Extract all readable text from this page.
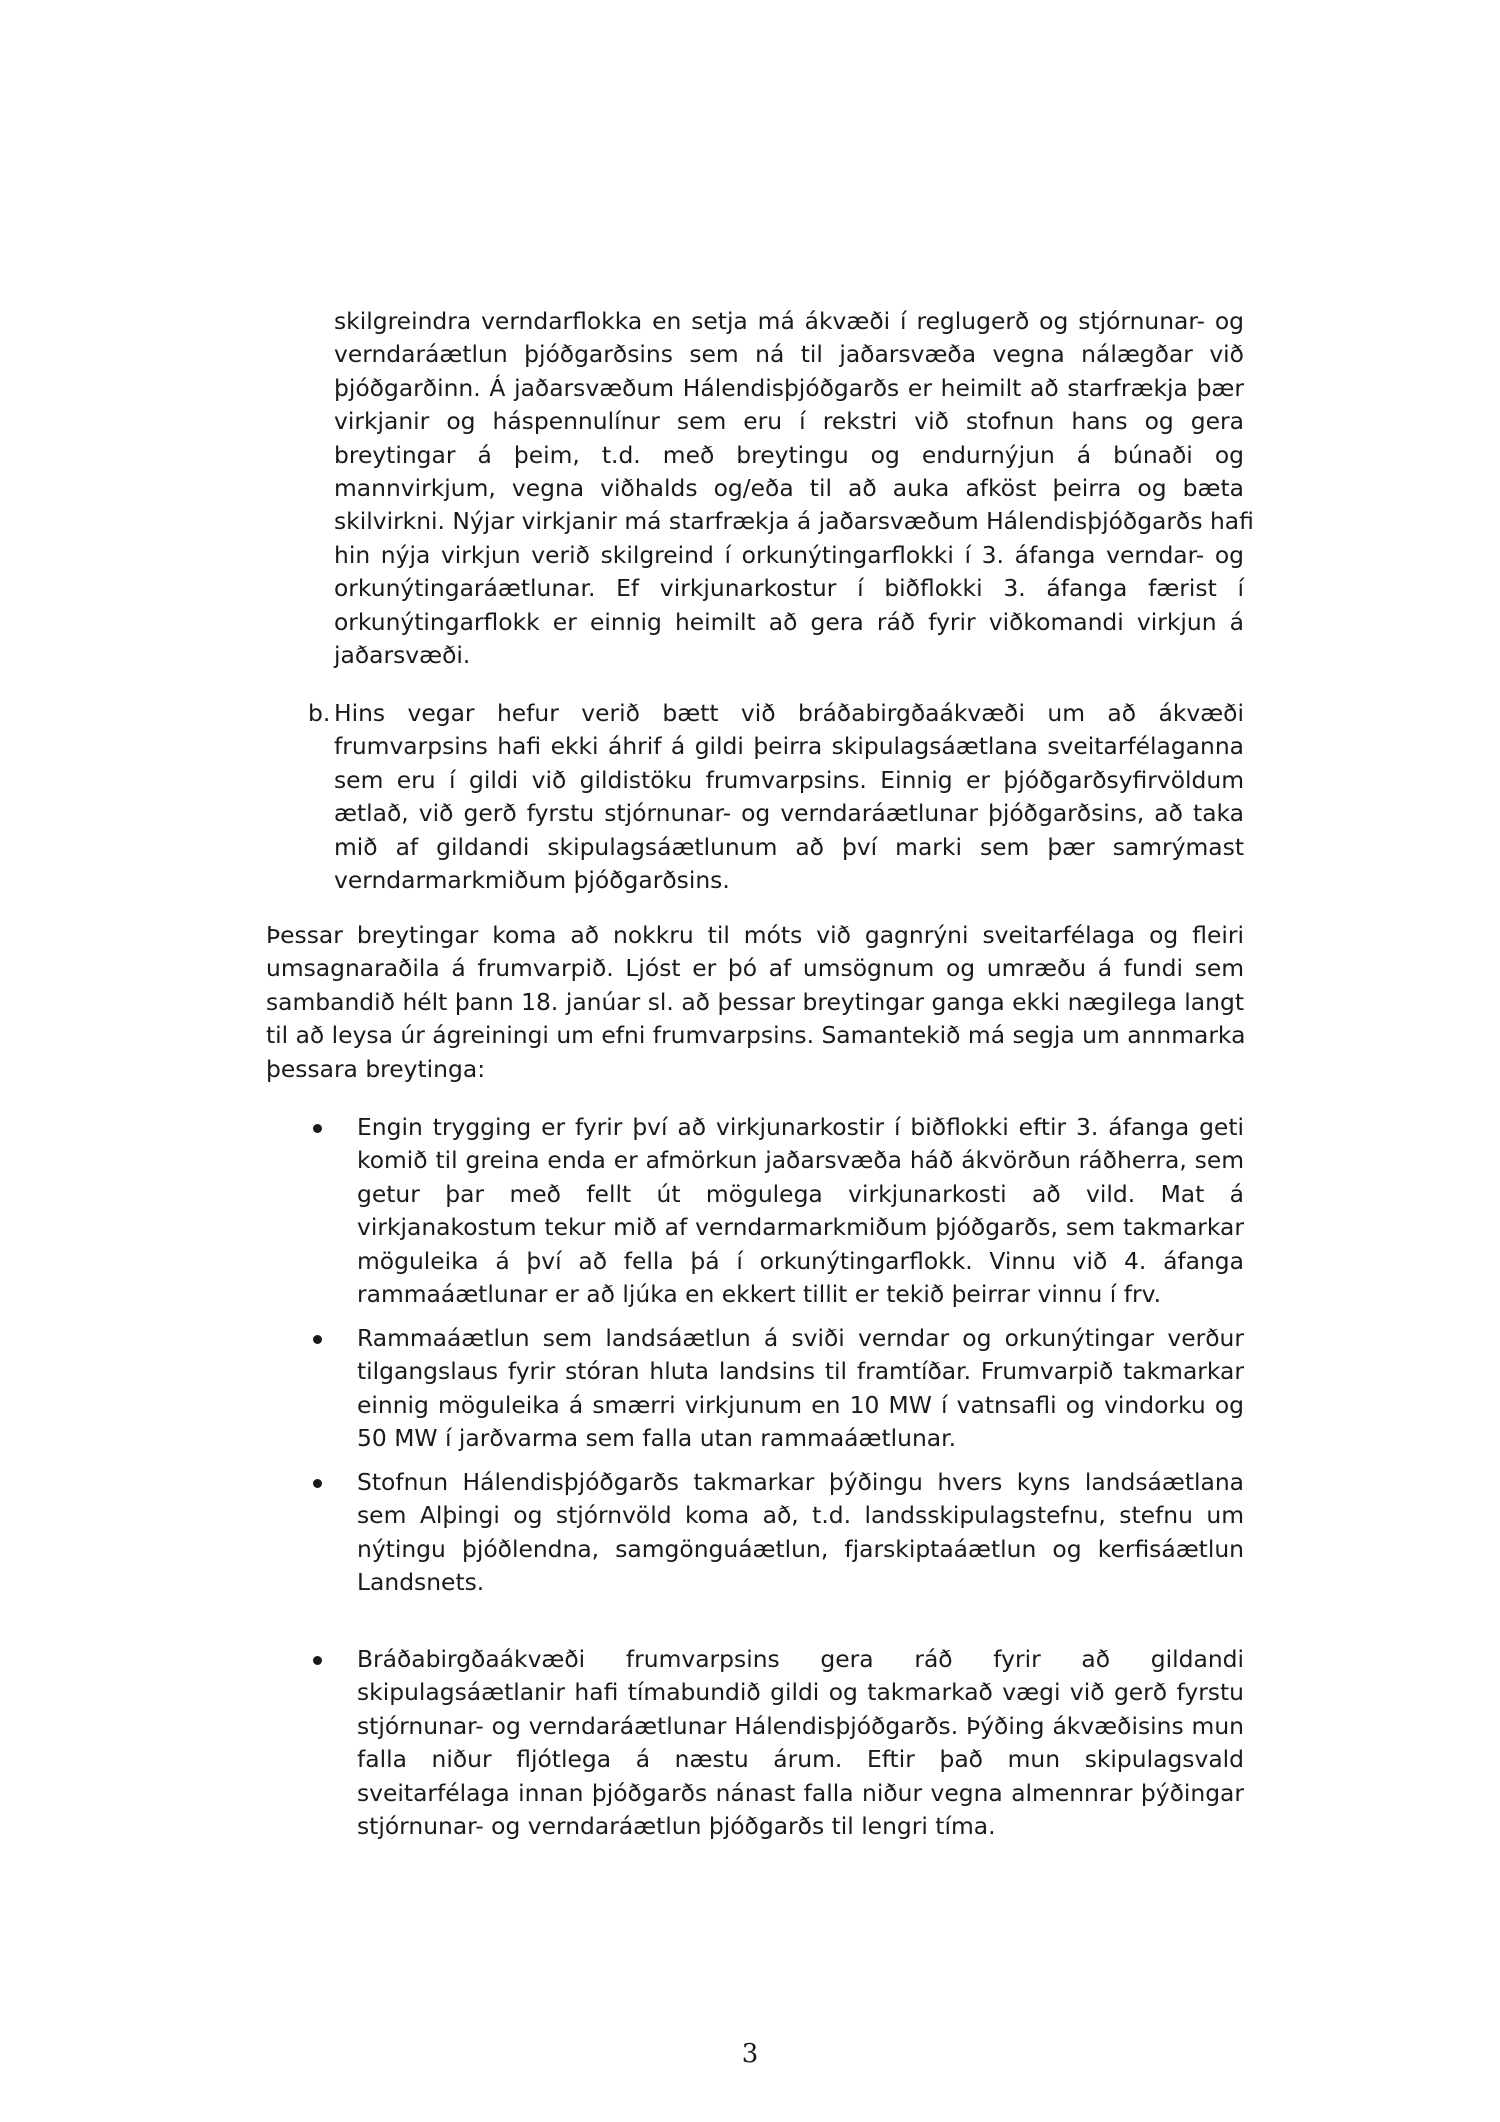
skilgreindra verndarflokka en setja má ákvæði í reglugerð og stjórnunar- og
verndaráætlun þjóðgarðsins sem ná til jaðarsvæða vegna nálægðar við
þjóðgarðinn. Á jaðarsvæðum Hálendisþjóðgarðs er heimilt að starfrækja þær
virkjanir og háspennulínur sem eru í rekstri við stofnun hans og gera
breytingar á þeim, t.d. með breytingu og endurnýjun á búnaði og
mannvirkjum, vegna viðhalds og/eða til að auka afköst þeirra og bæta
skilvirkni. Nýjar virkjanir má starfrækja á jaðarsvæðum Hálendisþjóðgarðs hafi
hin nýja virkjun verið skilgreind í orkunýtingarflokki í 3. áfanga verndar- og
orkunýtingaráætlunar. Ef virkjunarkostur í biðflokki 3. áfanga færist í
orkunýtingarflokk er einnig heimilt að gera ráð fyrir viðkomandi virkjun á
jaðarsvæði.
b. Hins vegar hefur verið bætt við bráðabirgðaákvæði um að ákvæði
frumvarpsins hafi ekki áhrif á gildi þeirra skipulagsáætlana sveitarfélaganna
sem eru í gildi við gildistöku frumvarpsins. Einnig er þjóðgarðsyfirvöldum
ætlað, við gerð fyrstu stjórnunar- og verndaráætlunar þjóðgarðsins, að taka
mið af gildandi skipulagsáætlunum að því marki sem þær samrýmast
verndarmarkmiðum þjóðgarðsins.
Þessar breytingar koma að nokkru til móts við gagnrýni sveitarfélaga og fleiri
umsagnaraðila á frumvarpið. Ljóst er þó af umsögnum og umræðu á fundi sem
sambandið hélt þann 18. janúar sl. að þessar breytingar ganga ekki nægilega langt
til að leysa úr ágreiningi um efni frumvarpsins. Samantekið má segja um annmarka
þessara breytinga:
Engin trygging er fyrir því að virkjunarkostir í biðflokki eftir 3. áfanga geti
komið til greina enda er afmörkun jaðarsvæða háð ákvörðun ráðherra, sem
getur þar með fellt út mögulega virkjunarkosti að vild. Mat á
virkjanakostum tekur mið af verndarmarkmiðum þjóðgarðs, sem takmarkar
möguleika á því að fella þá í orkunýtingarflokk. Vinnu við 4. áfanga
rammaáætlunar er að ljúka en ekkert tillit er tekið þeirrar vinnu í frv.
Rammaáætlun sem landsáætlun á sviði verndar og orkunýtingar verður
tilgangslaus fyrir stóran hluta landsins til framtíðar. Frumvarpið takmarkar
einnig möguleika á smærri virkjunum en 10 MW í vatnsafli og vindorku og
50 MW í jarðvarma sem falla utan rammaáætlunar.
Stofnun Hálendisþjóðgarðs takmarkar þýðingu hvers kyns landsáætlana
sem Alþingi og stjórnvöld koma að, t.d. landsskipulagstefnu, stefnu um
nýtingu þjóðlendna, samgönguáætlun, fjarskiptaáætlun og kerfisáætlun
Landsnets.
Bráðabirgðaákvæði frumvarpsins gera ráð fyrir að gildandi
skipulagsáætlanir hafi tímabundið gildi og takmarkað vægi við gerð fyrstu
stjórnunar- og verndaráætlunar Hálendisþjóðgarðs. Þýðing ákvæðisins mun
falla niður fljótlega á næstu árum. Eftir það mun skipulagsvald
sveitarfélaga innan þjóðgarðs nánast falla niður vegna almennrar þýðingar
stjórnunar- og verndaráætlun þjóðgarðs til lengri tíma.
3
